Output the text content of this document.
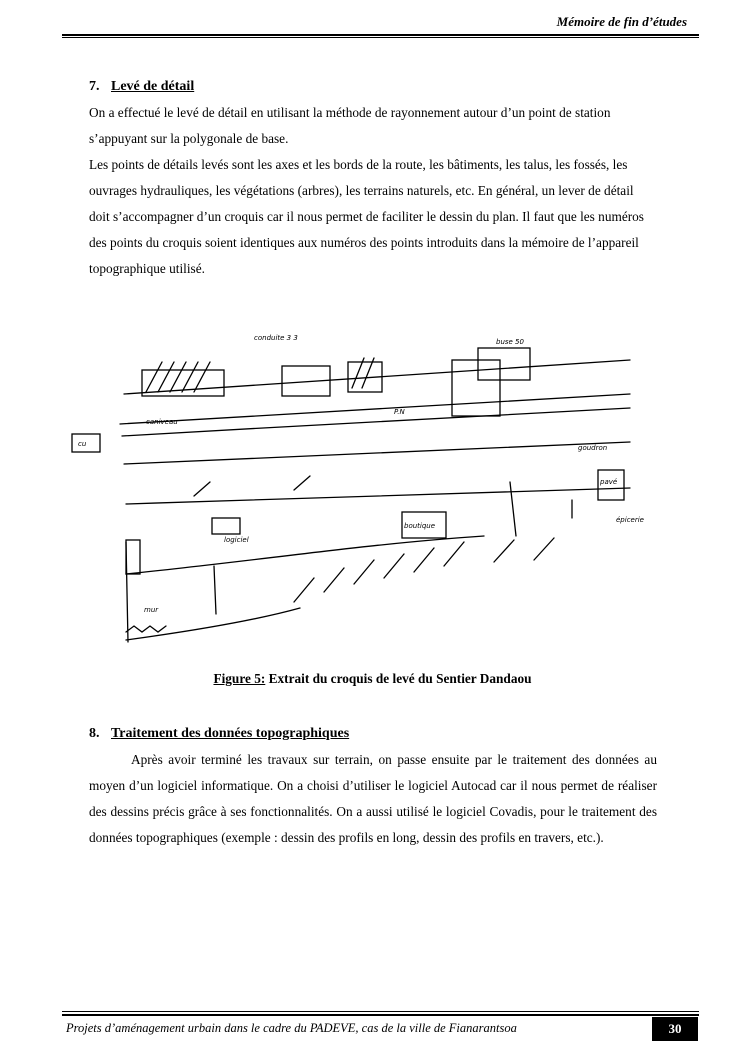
Mémoire de fin d’études
7. Levé de détail

On a effectué le levé de détail en utilisant la méthode de rayonnement autour d’un point de station s’appuyant sur la polygonale de base.

Les points de détails levés sont les axes et les bords de la route, les bâtiments, les talus, les fossés, les ouvrages hydrauliques, les végétations (arbres), les terrains naturels, etc. En général, un lever de détail doit s’accompagner d’un croquis car il nous permet de faciliter le dessin du plan. Il faut que les numéros des points du croquis soient identiques aux numéros des points introduits dans la mémoire de l’appareil topographique utilisé.

conduite 3 3	buse 50
cu	goudron
boutique
logiciel
mur
caniveau
épicerie
pavé
P.N
Figure 5: Extrait du croquis de levé du Sentier Dandaou
8. Traitement des données topographiques

Après avoir terminé les travaux sur terrain, on passe ensuite par le traitement des données au moyen d’un logiciel informatique. On a choisi d’utiliser le logiciel Autocad car il nous permet de réaliser des dessins précis grâce à ses fonctionnalités. On a aussi utilisé le logiciel Covadis, pour le traitement des données topographiques (exemple : dessin des profils en long, dessin des profils en travers, etc.).

Projets d’aménagement urbain dans le cadre du PADEVE, cas de la ville de Fianarantsoa	30
